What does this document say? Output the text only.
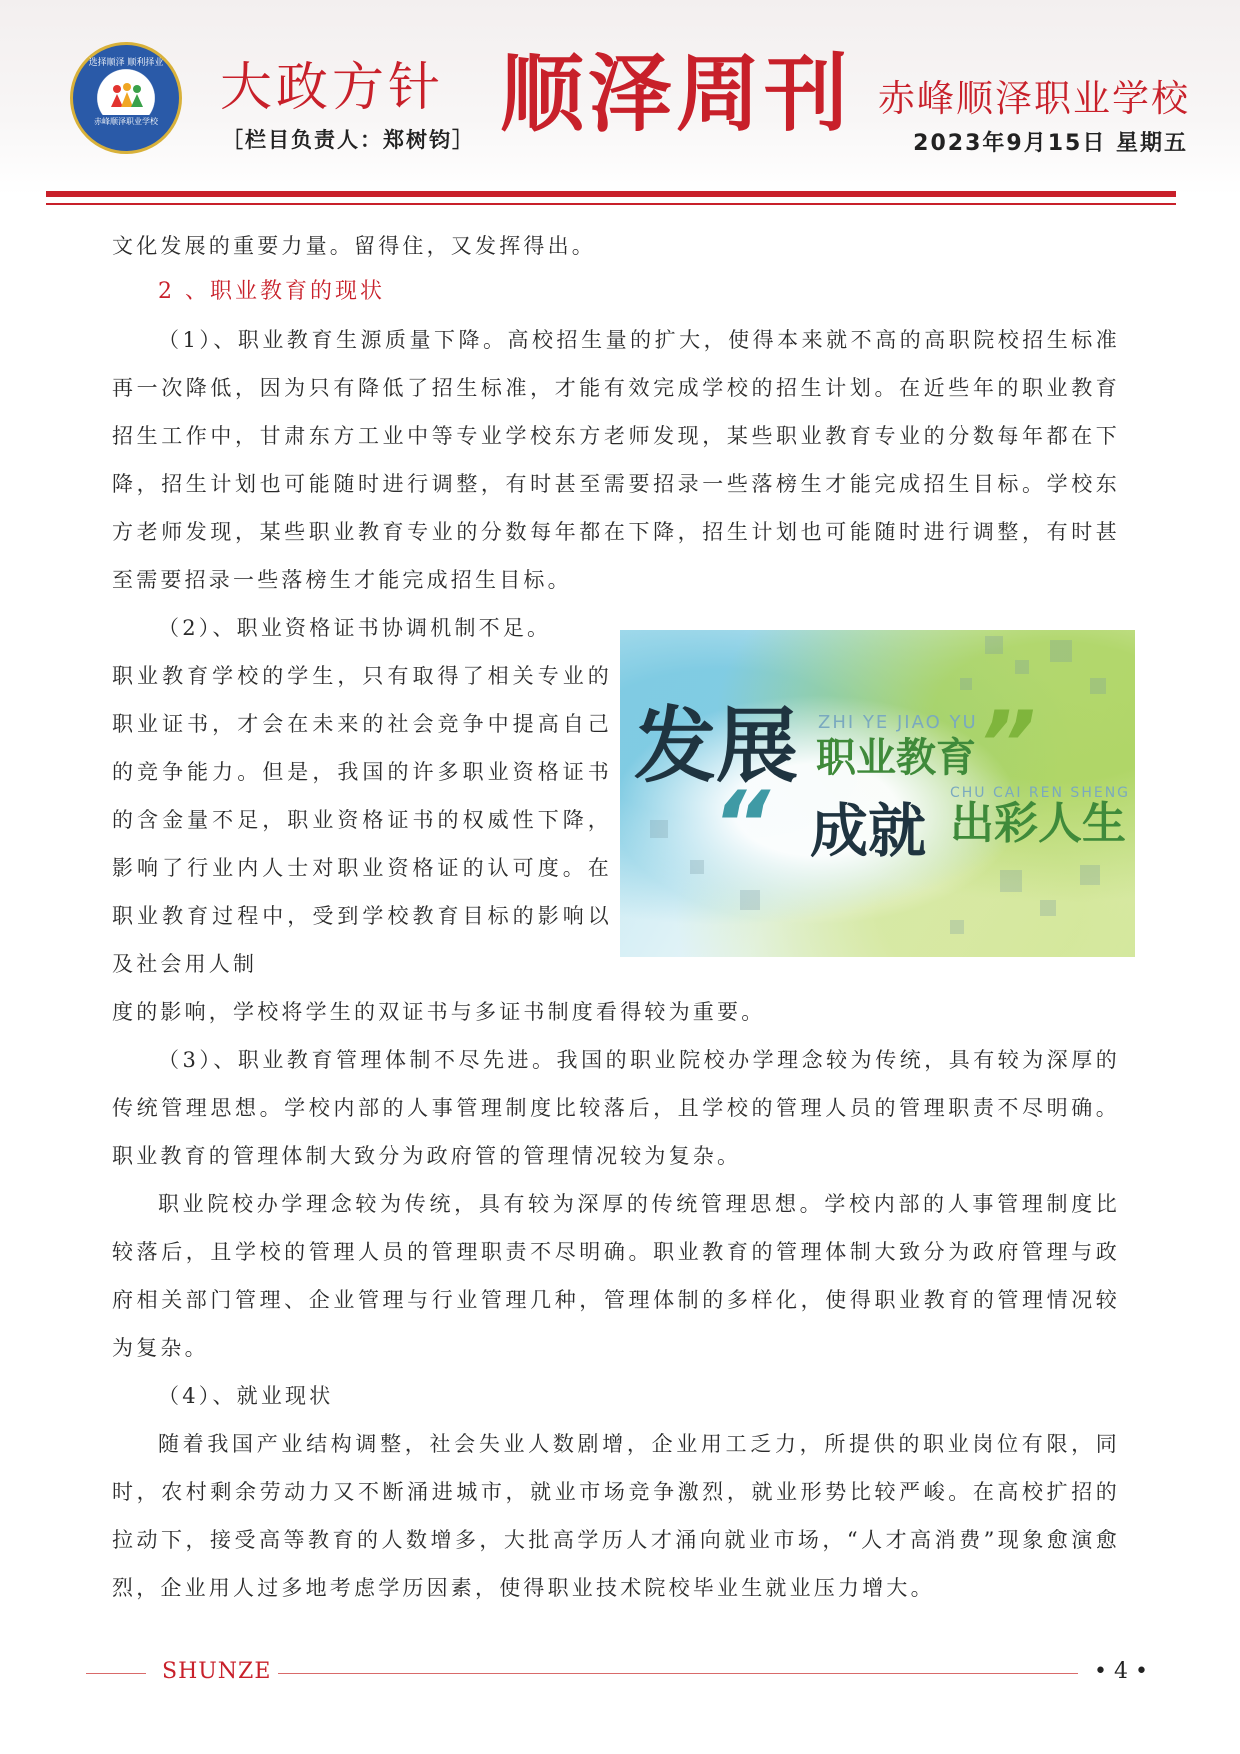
选择顺泽 顺利择业
赤峰顺泽职业学校
大政方针
［栏目负责人：郑树钧］ 顺泽周刊 赤峰顺泽职业学校
2023年9月15日 星期五

文化发展的重要力量。留得住，又发挥得出。

2 、职业教育的现状

（1）、职业教育生源质量下降。高校招生量的扩大，使得本来就不高的高职院校招生标准再一次降低，因为只有降低了招生标准，才能有效完成学校的招生计划。在近些年的职业教育招生工作中，甘肃东方工业中等专业学校东方老师发现，某些职业教育专业的分数每年都在下降，招生计划也可能随时进行调整，有时甚至需要招录一些落榜生才能完成招生目标。学校东方老师发现，某些职业教育专业的分数每年都在下降，招生计划也可能随时进行调整，有时甚至需要招录一些落榜生才能完成招生目标。

（2）、职业资格证书协调机制不足。

职业教育学校的学生，只有取得了相关专业的职业证书，才会在未来的社会竞争中提高自己的竞争能力。但是，我国的许多职业资格证书的含金量不足，职业资格证书的权威性下降，影响了行业内人士对职业资格证的认可度。在职业教育过程中，受到学校教育目标的影响以及社会用人制

度的影响，学校将学生的双证书与多证书制度看得较为重要。

（3）、职业教育管理体制不尽先进。我国的职业院校办学理念较为传统，具有较为深厚的传统管理思想。学校内部的人事管理制度比较落后，且学校的管理人员的管理职责不尽明确。职业教育的管理体制大致分为政府管的管理情况较为复杂。

职业院校办学理念较为传统，具有较为深厚的传统管理思想。学校内部的人事管理制度比较落后，且学校的管理人员的管理职责不尽明确。职业教育的管理体制大致分为政府管理与政府相关部门管理、企业管理与行业管理几种，管理体制的多样化，使得职业教育的管理情况较为复杂。

（4）、就业现状

随着我国产业结构调整，社会失业人数剧增，企业用工乏力，所提供的职业岗位有限，同时，农村剩余劳动力又不断涌进城市，就业市场竞争激烈，就业形势比较严峻。在高校扩招的拉动下，接受高等教育的人数增多，大批高学历人才涌向就业市场，“人才高消费”现象愈演愈烈，企业用人过多地考虑学历因素，使得职业技术院校毕业生就业压力增大。

ZHI YE JIAO YU
发展 职业教育 ”
CHU CAI REN SHENG
“ 成就 出彩人生
SHUNZE	• 4 •
